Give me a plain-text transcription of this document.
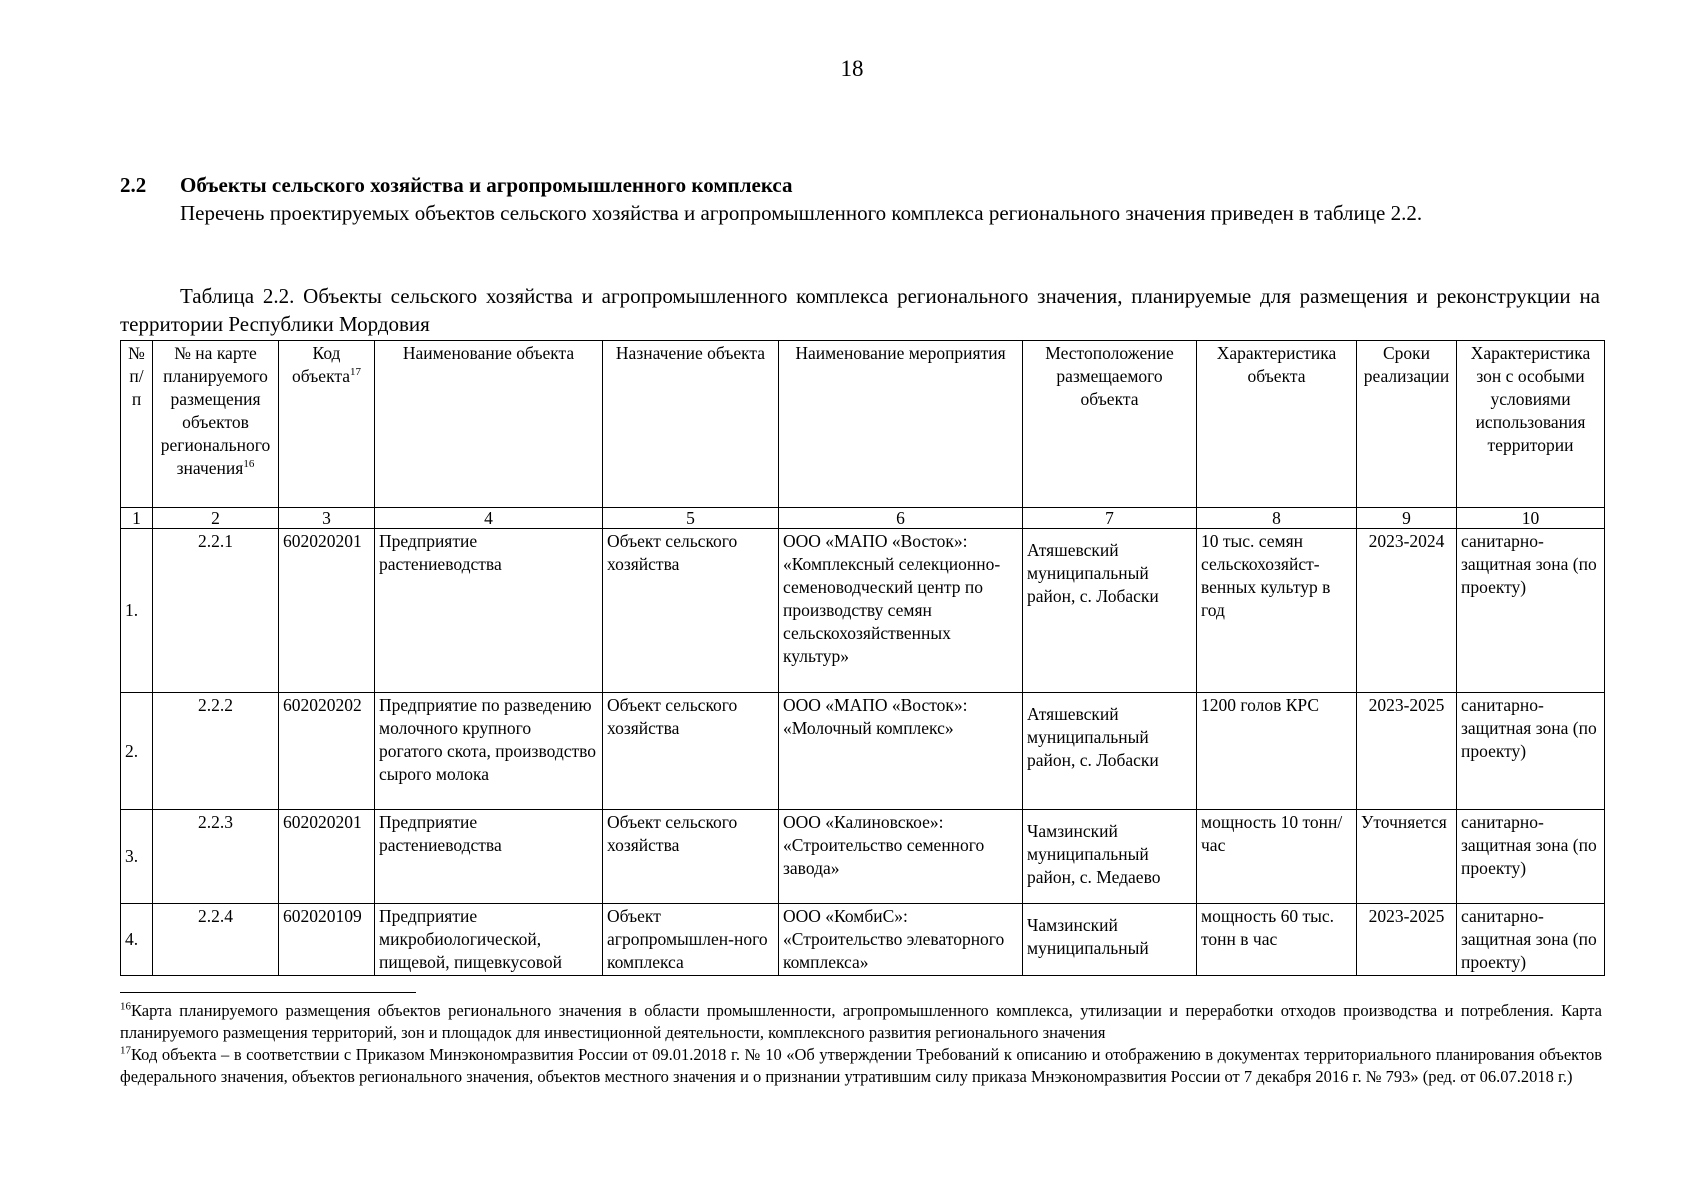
18
2.2	Объекты сельского хозяйства и агропромышленного комплекса
Перечень проектируемых объектов сельского хозяйства и агропромышленного комплекса регионального значения приведен в таблице 2.2.
Таблица 2.2. Объекты сельского хозяйства и агропромышленного комплекса регионального значения, планируемые для размещения и реконструкции на территории Республики Мордовия
№ п/п	№ на карте планируемого размещения объектов регионального значения$^{16}$	Код объекта$^{17}$	Наименование объекта	Назначение объекта	Наименование мероприятия	Местоположение размещаемого объекта	Характеристика объекта	Сроки реализации	Характеристика зон с особыми условиями использования территории
1	2	3	4	5	6	7	8	9	10
1.	2.2.1	602020201	Предприятие растениеводства	Объект сельского хозяйства	ООО «МАПО «Восток»: «Комплексный селекционно-семеноводческий центр по производству семян сельскохозяйственных культур»	Атяшевский муниципальный район, с. Лобаски	10 тыс. семян сельскохозяйст-венных культур в год	2023-2024	санитарно-защитная зона (по проекту)
2.	2.2.2	602020202	Предприятие по разведению молочного крупного рогатого скота, производство сырого молока	Объект сельского хозяйства	ООО «МАПО «Восток»: «Молочный комплекс»	Атяшевский муниципальный район, с. Лобаски	1200 голов КРС	2023-2025	санитарно-защитная зона (по проекту)
3.	2.2.3	602020201	Предприятие растениеводства	Объект сельского хозяйства	ООО «Калиновское»: «Строительство семенного завода»	Чамзинский муниципальный район, с. Медаево	мощность 10 тонн/час	Уточняется	санитарно-защитная зона (по проекту)
4.	2.2.4	602020109	Предприятие микробиологической, пищевой, пищевкусовой	Объект агропромышлен-ного комплекса	ООО «КомбиС»: «Строительство элеваторного комплекса»	Чамзинский муниципальный	мощность 60 тыс. тонн в час	2023-2025	санитарно-защитная зона (по проекту)

$^{16}$Карта планируемого размещения объектов регионального значения в области промышленности, агропромышленного комплекса, утилизации и переработки отходов производства и потребления. Карта планируемого размещения территорий, зон и площадок для инвестиционной деятельности, комплексного развития регионального значения

$^{17}$Код объекта – в соответствии с Приказом Минэкономразвития России от 09.01.2018 г. № 10 «Об утверждении Требований к описанию и отображению в документах территориального планирования объектов федерального значения, объектов регионального значения, объектов местного значения и о признании утратившим силу приказа Мнэкономразвития России от 7 декабря 2016 г. № 793» (ред. от 06.07.2018 г.)
